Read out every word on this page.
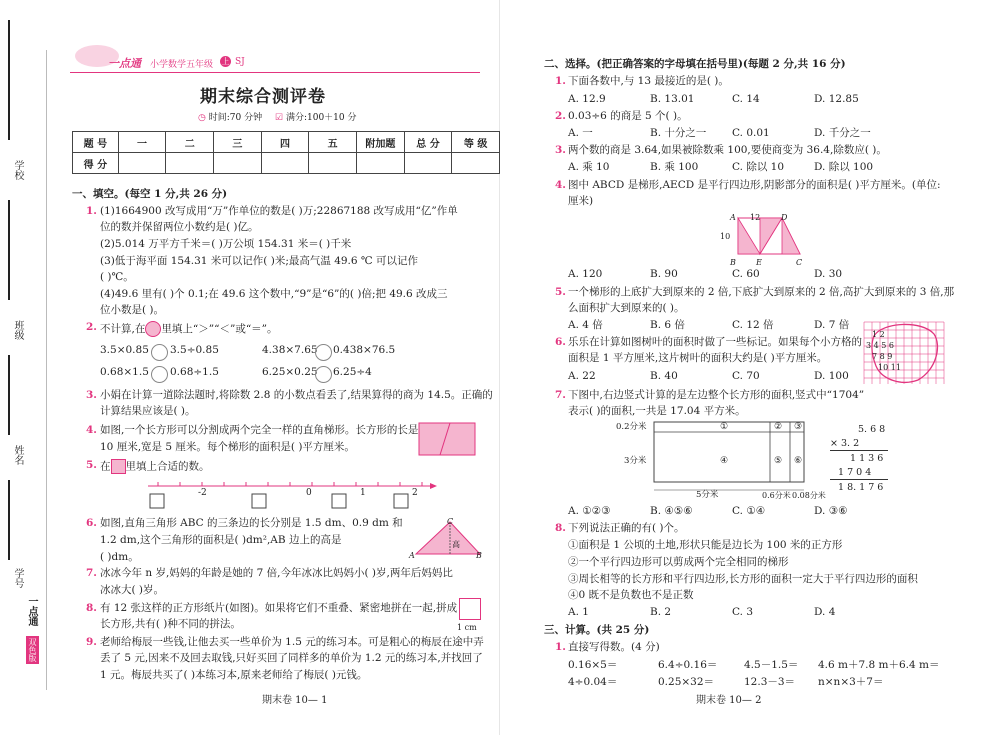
学校
班级
姓名
学号
一点通
双色版
一点通 小学数学五年级 上 SJ
期末综合测评卷
◷ 时间:70 分钟 ☑ 满分:100＋10 分
题 号	一	二	三	四	五	附加题	总 分	等 级
得 分								
一、填空。(每空 1 分,共 26 分)
1. (1)1664900 改写成用“万”作单位的数是( )万;22867188 改写成用“亿”作单
位的数并保留两位小数约是( )亿。
(2)5.014 万平方千米＝( )万公顷 154.31 米＝( )千米
(3)低于海平面 154.31 米可以记作( )米;最高气温 49.6 ℃ 可以记作
( )℃。
(4)49.6 里有( )个 0.1;在 49.6 这个数中,“9”是“6”的( )倍;把 49.6 改成三
位小数是( )。
2. 不计算,在 里填上“＞”“＜”或“＝”。
3.5×0.85 3.5÷0.85	4.38×7.65 0.438×76.5
0.68×1.5 0.68÷1.5	6.25×0.25 6.25÷4
3. 小娟在计算一道除法题时,将除数 2.8 的小数点看丢了,结果算得的商为 14.5。正确的
计算结果应该是( )。
4. 如图,一个长方形可以分割成两个完全一样的直角梯形。长方形的长是
10 厘米,宽是 5 厘米。每个梯形的面积是( )平方厘米。
5. 在 里填上合适的数。
-2	0	1	2
6. 如图,直角三角形 ABC 的三条边的长分别是 1.5 dm、0.9 dm 和
1.2 dm,这个三角形的面积是( )dm²,AB 边上的高是
( )dm。
C
高
A	B
7. 冰冰今年 n 岁,妈妈的年龄是她的 7 倍,今年冰冰比妈妈小( )岁,两年后妈妈比
冰冰大( )岁。
8. 有 12 张这样的正方形纸片(如图)。如果将它们不重叠、紧密地拼在一起,拼成
长方形,共有( )种不同的拼法。	1 cm
9. 老师给梅辰一些钱,让他去买一些单价为 1.5 元的练习本。可是粗心的梅辰在途中弄
丢了 5 元,因来不及回去取钱,只好买回了同样多的单价为 1.2 元的练习本,并找回了
1 元。梅辰共买了( )本练习本,原来老师给了梅辰( )元钱。
期末卷 10— 1
二、选择。(把正确答案的字母填在括号里)(每题 2 分,共 16 分)
1. 下面各数中,与 13 最接近的是( )。
A. 12.9	B. 13.01	C. 14	D. 12.85
2. 0.03÷6 的商是 5 个( )。
A. 一	B. 十分之一 C. 0.01	D. 千分之一
3. 两个数的商是 3.64,如果被除数乘 100,要使商变为 36.4,除数应( )。
A. 乘 10	B. 乘 100	C. 除以 10	D. 除以 100
4. 图中 ABCD 是梯形,AECD 是平行四边形,阴影部分的面积是( )平方厘米。(单位:
厘米)
A 12	D
10
B	E	C
A. 120	B. 90	C. 60	D. 30
5. 一个梯形的上底扩大到原来的 2 倍,下底扩大到原来的 2 倍,高扩大到原来的 3 倍,那
么面积扩大到原来的( )。
A. 4 倍	B. 6 倍	C. 12 倍	D. 7 倍
6. 乐乐在计算如图树叶的面积时做了一些标记。如果每个小方格的
面积是 1 平方厘米,这片树叶的面积大约是( )平方厘米。
1 2
3 4 5 6
7 8 9
10 11
A. 22	B. 40	C. 70	D. 100
7. 下图中,右边竖式计算的是左边整个长方形的面积,竖式中“1704”
表示( )的面积,一共是 17.04 平方米。
0.2分米
3分米
5分米	0.6分米 0.08分米
①	② ③
④	⑤ ⑥
5. 6 8
× 3. 2
1 1 3 6
1 7 0 4
1 8. 1 7 6
A. ①②③	B. ④⑤⑥	C. ①④	D. ③⑥
8. 下列说法正确的有( )个。
①面积是 1 公顷的土地,形状只能是边长为 100 米的正方形
②一个平行四边形可以剪成两个完全相同的梯形
③周长相等的长方形和平行四边形,长方形的面积一定大于平行四边形的面积
④0 既不是负数也不是正数
A. 1	B. 2	C. 3	D. 4
三、计算。(共 25 分)
1. 直接写得数。(4 分)
0.16×5＝	6.4÷0.16＝	4.5－1.5＝ 4.6 m＋7.8 m＋6.4 m＝
4÷0.04＝	0.25×32＝	12.3－3＝ n×n×3＋7＝
期末卷 10— 2
